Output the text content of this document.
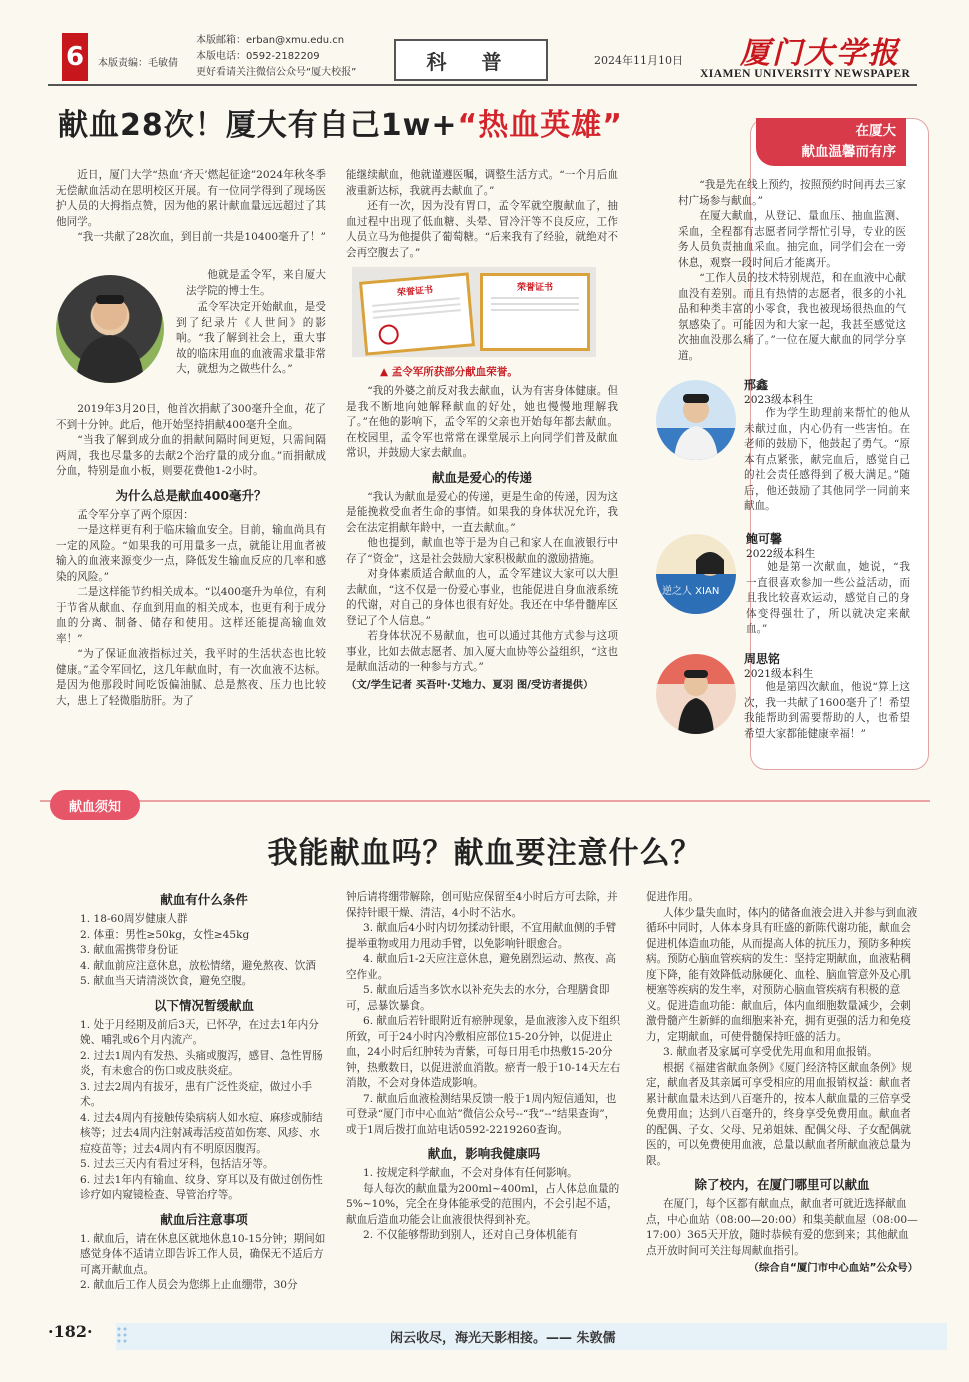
6	本版责编：毛敏倩
本版邮箱：erban@xmu.edu.cn
本版电话：0592-2182209
更好看请关注微信公众号“厦大校报”	科 普	2024年11月10日 厦门大学报
XIAMEN UNIVERSITY NEWSPAPER
献血28次！厦大有自己1w+“热血英雄”

近日，厦门大学“热血‘齐天’燃起征途”2024年秋冬季无偿献血活动在思明校区开展。有一位同学得到了现场医护人员的大拇指点赞，因为他的累计献血量远远超过了其他同学。

“我一共献了28次血，到目前一共是10400毫升了！”

他就是孟令军，来自厦大法学院的博士生。

孟令军决定开始献血，是受到了纪录片《人世间》的影响。“我了解到社会上，重大事故的临床用血的血液需求量非常大，就想为之做些什么。”

2019年3月20日，他首次捐献了300毫升全血，花了不到十分钟。此后，他开始坚持捐献400毫升全血。

“当我了解到成分血的捐献间隔时间更短，只需间隔两周，我也尽量多的去献2个治疗量的成分血。”而捐献成分血，特别是血小板，则要花费他1-2小时。

为什么总是献血400毫升？

孟令军分享了两个原因：

一是这样更有利于临床输血安全。目前，输血尚具有一定的风险。“如果我的可用量多一点，就能让用血者被输入的血液来源变少一点，降低发生输血反应的几率和感染的风险。”

二是这样能节约相关成本。“以400毫升为单位，有利于节省从献血、存血到用血的相关成本，也更有利于成分血的分离、制备、储存和使用。这样还能提高输血效率！”

“为了保证血液指标过关，我平时的生活状态也比较健康。”孟令军回忆，这几年献血时，有一次血液不达标。是因为他那段时间吃饭偏油腻、总是熬夜、压力也比较大，患上了轻微脂肪肝。为了

能继续献血，他就谨遵医嘱，调整生活方式。“一个月后血液重新达标，我就再去献血了。”

还有一次，因为没有胃口，孟令军就空腹献血了，抽血过程中出现了低血糖、头晕、冒冷汗等不良反应，工作人员立马为他提供了葡萄糖。“后来我有了经验，就绝对不会再空腹去了。”

荣誉证书	荣誉证书
▲ 孟令军所获部分献血荣誉。

“我的外婆之前反对我去献血，认为有害身体健康。但是我不断地向她解释献血的好处，她也慢慢地理解我了。”在他的影响下，孟令军的父亲也开始每年都去献血。在校园里，孟令军也常常在课堂展示上向同学们普及献血常识，并鼓励大家去献血。

献血是爱心的传递

“我认为献血是爱心的传递，更是生命的传递，因为这是能挽救受血者生命的事情。如果我的身体状况允许，我会在法定捐献年龄中，一直去献血。”

他也提到，献血也等于是为自己和家人在血液银行中存了“资金”，这是社会鼓励大家积极献血的激励措施。

对身体素质适合献血的人，孟令军建议大家可以大胆去献血，“这不仅是一份爱心事业，也能促进自身血液系统的代谢，对自己的身体也很有好处。我还在中华骨髓库区登记了个人信息。”

若身体状况不易献血，也可以通过其他方式参与这项事业，比如去做志愿者、加入厦大血协等公益组织，“这也是献血活动的一种参与方式。”

（文/学生记者 买吾叶·艾地力、夏羽 图/受访者提供）
在厦大
献血温馨而有序

“我是先在线上预约，按照预约时间再去三家村广场参与献血。”

在厦大献血，从登记、量血压、抽血监测、采血，全程都有志愿者同学帮忙引导，专业的医务人员负责抽血采血。抽完血，同学们会在一旁休息，观察一段时间后才能离开。

“工作人员的技术特别规范，和在血液中心献血没有差别。而且有热情的志愿者，很多的小礼品和种类丰富的小零食，我也被现场很热血的气氛感染了。可能因为和大家一起，我甚至感觉这次抽血没那么痛了。”一位在厦大献血的同学分享道。

邢鑫
2023级本科生

作为学生助理前来帮忙的他从未献过血，内心仍有一些害怕。在老师的鼓励下，他鼓起了勇气。“原本有点紧张，献完血后，感觉自己的社会责任感得到了极大满足。”随后，他还鼓励了其他同学一同前来献血。

逆之人 XIAN
鲍可馨
2022级本科生

她是第一次献血，她说，“我一直很喜欢参加一些公益活动，而且我比较喜欢运动，感觉自己的身体变得强壮了，所以就决定来献血。”

周思铭
2021级本科生

他是第四次献血，他说“算上这次，我一共献了1600毫升了！希望我能帮助到需要帮助的人，也希望希望大家都能健康幸福！”

献血须知
我能献血吗？献血要注意什么？
献血有什么条件
1. 18-60周岁健康人群
2. 体重：男性≥50kg，女性≥45kg
3. 献血需携带身份证
4. 献血前应注意休息，放松情绪，避免熬夜、饮酒
5. 献血当天请清淡饮食，避免空腹。
以下情况暂缓献血
1. 处于月经期及前后3天，已怀孕，在过去1年内分娩、哺乳或6个月内流产。
2. 过去1周内有发热、头痛或腹泻，感冒、急性胃肠炎，有未愈合的伤口或皮肤炎症。
3. 过去2周内有拔牙，患有广泛性炎症，做过小手术。
4. 过去4周内有接触传染病病人如水痘、麻疹或肺结核等；过去4周内注射减毒活疫苗如伤寒、风疹、水痘疫苗等；过去4周内有不明原因腹泻。
5. 过去三天内有看过牙科，包括洁牙等。
6. 过去1年内有输血、纹身、穿耳以及有做过创伤性诊疗如内窥镜检查、导管治疗等。
献血后注意事项
1. 献血后，请在休息区就地休息10-15分钟；期间如感觉身体不适请立即告诉工作人员，确保无不适后方可离开献血点。
2. 献血后工作人员会为您绑上止血绷带，30分
钟后请将绷带解除，创可贴应保留至4小时后方可去除，并保持针眼干燥、清洁，4小时不沾水。
3. 献血后4小时内切勿揉动针眼，不宜用献血侧的手臂提举重物或用力甩动手臂，以免影响针眼愈合。
4. 献血后1-2天应注意休息，避免剧烈运动、熬夜、高空作业。
5. 献血后适当多饮水以补充失去的水分，合理膳食即可，忌暴饮暴食。
6. 献血后若针眼附近有瘀肿现象，是血液渗入皮下组织所致，可于24小时内冷敷相应部位15-20分钟，以促进止血，24小时后红肿转为青紫，可每日用毛巾热敷15-20分钟，热敷数日，以促进淤血消散。瘀青一般于10-14天左右消散，不会对身体造成影响。
7. 献血后血液检测结果反馈一般于1周内短信通知，也可登录“厦门市中心血站”微信公众号--“我”--“结果查询”，或于1周后拨打血站电话0592-2219260查询。
献血，影响我健康吗
1. 按规定科学献血，不会对身体有任何影响。
每人每次的献血量为200ml~400ml，占人体总血量的5%~10%，完全在身体能承受的范围内，不会引起不适，献血后造血功能会让血液很快得到补充。
2. 不仅能够帮助到别人，还对自己身体机能有
促进作用。
人体少量失血时，体内的储备血液会进入并参与到血液循环中同时，人体本身具有旺盛的新陈代谢功能，献血会促进机体造血功能，从而提高人体的抗压力，预防多种疾病。预防心脑血管疾病的发生：坚持定期献血，血液粘稠度下降，能有效降低动脉硬化、血栓、脑血管意外及心肌梗塞等疾病的发生率，对预防心脑血管疾病有积极的意义。促进造血功能：献血后，体内血细胞数量减少，会刺激骨髓产生新鲜的血细胞来补充，拥有更强的活力和免疫力，定期献血，可使骨髓保持旺盛的活力。
3. 献血者及家属可享受优先用血和用血报销。
根据《福建省献血条例》《厦门经济特区献血条例》规定，献血者及其亲属可享受相应的用血报销权益：献血者累计献血量未达到八百毫升的，按本人献血量的三倍享受免费用血；达到八百毫升的，终身享受免费用血。献血者的配偶、子女、父母、兄弟姐妹、配偶父母、子女配偶就医的，可以免费使用血液，总量以献血者所献血液总量为限。
除了校内，在厦门哪里可以献血
在厦门，每个区都有献血点，献血者可就近选择献血点，中心血站（08:00—20:00）和集美献血屋（08:00—17:00）365天开放，随时恭候有爱的您到来；其他献血点开放时间可关注每周献血指引。
（综合自“厦门市中心血站”公众号）
·182·	闲云收尽，海光天影相接。—— 朱敦儒
